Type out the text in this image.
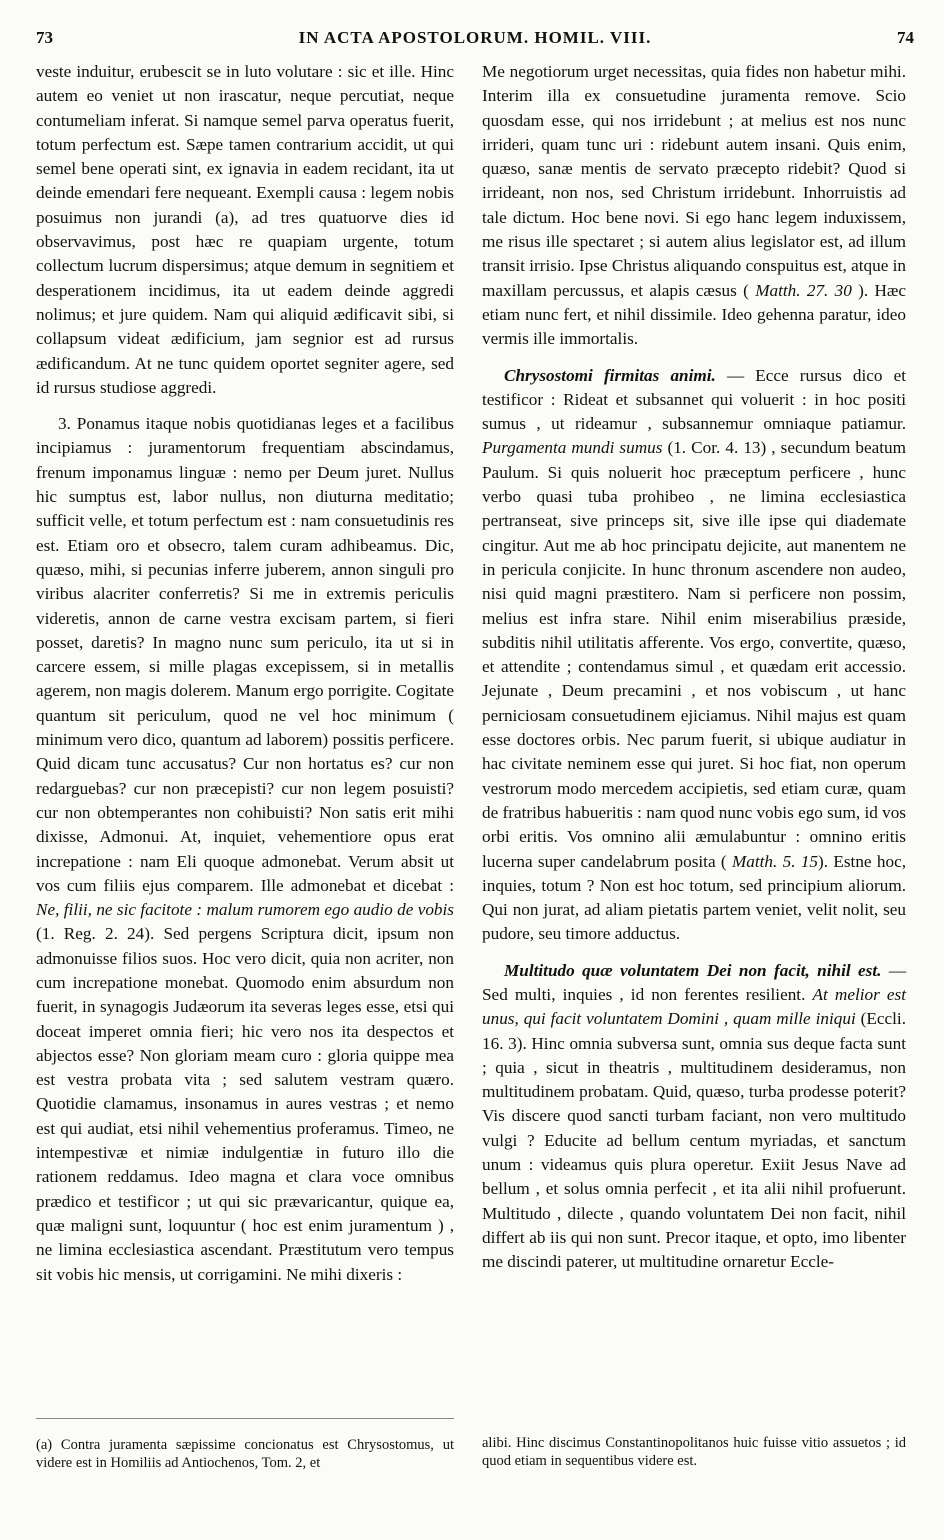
73	IN ACTA APOSTOLORUM. HOMIL. VIII.	74

veste induitur, erubescit se in luto volutare : sic et ille. Hinc autem eo veniet ut non irascatur, neque percutiat, neque contumeliam inferat. Si namque semel parva operatus fuerit, totum perfectum est. Sæpe tamen contrarium accidit, ut qui semel bene operati sint, ex ignavia in eadem recidant, ita ut deinde emendari fere nequeant. Exempli causa : legem nobis posuimus non jurandi (a), ad tres quatuorve dies id observavimus, post hæc re quapiam urgente, totum collectum lucrum dispersimus; atque demum in segnitiem et desperationem incidimus, ita ut eadem deinde aggredi nolimus; et jure quidem. Nam qui aliquid ædificavit sibi, si collapsum videat ædificium, jam segnior est ad rursus ædificandum. At ne tunc quidem oportet segniter agere, sed id rursus studiose aggredi.

3. Ponamus itaque nobis quotidianas leges et a facilibus incipiamus : juramentorum frequentiam abscindamus, frenum imponamus linguæ : nemo per Deum juret. Nullus hic sumptus est, labor nullus, non diuturna meditatio; sufficit velle, et totum perfectum est : nam consuetudinis res est. Etiam oro et obsecro, talem curam adhibeamus. Dic, quæso, mihi, si pecunias inferre juberem, annon singuli pro viribus alacriter conferretis? Si me in extremis periculis videretis, annon de carne vestra excisam partem, si fieri posset, daretis? In magno nunc sum periculo, ita ut si in carcere essem, si mille plagas excepissem, si in metallis agerem, non magis dolerem. Manum ergo porrigite. Cogitate quantum sit periculum, quod ne vel hoc minimum ( minimum vero dico, quantum ad laborem) possitis perficere. Quid dicam tunc accusatus? Cur non hortatus es? cur non redarguebas? cur non præcepisti? cur non legem posuisti? cur non obtemperantes non cohibuisti? Non satis erit mihi dixisse, Admonui. At, inquiet, vehementiore opus erat increpatione : nam Eli quoque admonebat. Verum absit ut vos cum filiis ejus comparem. Ille admonebat et dicebat : Ne, filii, ne sic facitote : malum rumorem ego audio de vobis (1. Reg. 2. 24). Sed pergens Scriptura dicit, ipsum non admonuisse filios suos. Hoc vero dicit, quia non acriter, non cum increpatione monebat. Quomodo enim absurdum non fuerit, in synagogis Judæorum ita severas leges esse, etsi qui doceat imperet omnia fieri; hic vero nos ita despectos et abjectos esse? Non gloriam meam curo : gloria quippe mea est vestra probata vita ; sed salutem vestram quæro. Quotidie clamamus, insonamus in aures vestras ; et nemo est qui audiat, etsi nihil vehementius proferamus. Timeo, ne intempestivæ et nimiæ indulgentiæ in futuro illo die rationem reddamus. Ideo magna et clara voce omnibus prædico et testificor ; ut qui sic prævaricantur, quique ea, quæ maligni sunt, loquuntur ( hoc est enim juramentum ) , ne limina ecclesiastica ascendant. Præstitutum vero tempus sit vobis hic mensis, ut corrigamini. Ne mihi dixeris :

Me negotiorum urget necessitas, quia fides non habetur mihi. Interim illa ex consuetudine juramenta remove. Scio quosdam esse, qui nos irridebunt ; at melius est nos nunc irrideri, quam tunc uri : ridebunt autem insani. Quis enim, quæso, sanæ mentis de servato præcepto ridebit? Quod si irrideant, non nos, sed Christum irridebunt. Inhorruistis ad tale dictum. Hoc bene novi. Si ego hanc legem induxissem, me risus ille spectaret ; si autem alius legislator est, ad illum transit irrisio. Ipse Christus aliquando conspuitus est, atque in maxillam percussus, et alapis cæsus ( Matth. 27. 30 ). Hæc etiam nunc fert, et nihil dissimile. Ideo gehenna paratur, ideo vermis ille immortalis.

Chrysostomi firmitas animi. — Ecce rursus dico et testificor : Rideat et subsannet qui voluerit : in hoc positi sumus , ut rideamur , subsannemur omniaque patiamur. Purgamenta mundi sumus (1. Cor. 4. 13) , secundum beatum Paulum. Si quis noluerit hoc præceptum perficere , hunc verbo quasi tuba prohibeo , ne limina ecclesiastica pertranseat, sive princeps sit, sive ille ipse qui diademate cingitur. Aut me ab hoc principatu dejicite, aut manentem ne in pericula conjicite. In hunc thronum ascendere non audeo, nisi quid magni præstitero. Nam si perficere non possim, melius est infra stare. Nihil enim miserabilius præside, subditis nihil utilitatis afferente. Vos ergo, convertite, quæso, et attendite ; contendamus simul , et quædam erit accessio. Jejunate , Deum precamini , et nos vobiscum , ut hanc perniciosam consuetudinem ejiciamus. Nihil majus est quam esse doctores orbis. Nec parum fuerit, si ubique audiatur in hac civitate neminem esse qui juret. Si hoc fiat, non operum vestrorum modo mercedem accipietis, sed etiam curæ, quam de fratribus habueritis : nam quod nunc vobis ego sum, id vos orbi eritis. Vos omnino alii æmulabuntur : omnino eritis lucerna super candelabrum posita ( Matth. 5. 15). Estne hoc, inquies, totum ? Non est hoc totum, sed principium aliorum. Qui non jurat, ad aliam pietatis partem veniet, velit nolit, seu pudore, seu timore adductus.

Multitudo quæ voluntatem Dei non facit, nihil est. — Sed multi, inquies , id non ferentes resilient. At melior est unus, qui facit voluntatem Domini , quam mille iniqui (Eccli. 16. 3). Hinc omnia subversa sunt, omnia sus deque facta sunt ; quia , sicut in theatris , multitudinem desideramus, non multitudinem probatam. Quid, quæso, turba prodesse poterit? Vis discere quod sancti turbam faciant, non vero multitudo vulgi ? Educite ad bellum centum myriadas, et sanctum unum : videamus quis plura operetur. Exiit Jesus Nave ad bellum , et solus omnia perfecit , et ita alii nihil profuerunt. Multitudo , dilecte , quando voluntatem Dei non facit, nihil differt ab iis qui non sunt. Precor itaque, et opto, imo libenter me discindi paterer, ut multitudine ornaretur Eccle-

(a) Contra juramenta sæpissime concionatus est Chrysostomus, ut videre est in Homiliis ad Antiochenos, Tom. 2, et
alibi. Hinc discimus Constantinopolitanos huic fuisse vitio assuetos ; id quod etiam in sequentibus videre est.
